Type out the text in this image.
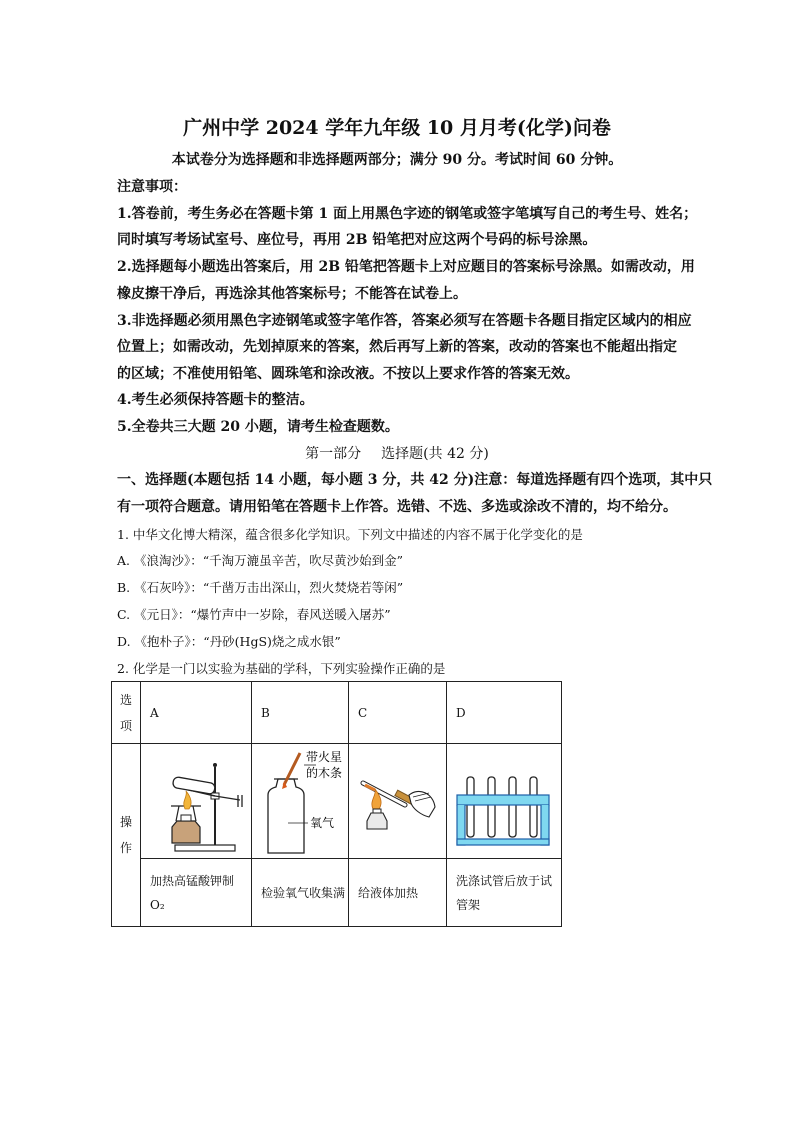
广州中学 2024 学年九年级 10 月月考(化学)问卷
本试卷分为选择题和非选择题两部分；满分 90 分。考试时间 60 分钟。
注意事项：
1.答卷前，考生务必在答题卡第 1 面上用黑色字迹的钢笔或签字笔填写自己的考生号、姓名；
同时填写考场试室号、座位号，再用 2B 铅笔把对应这两个号码的标号涂黑。
2.选择题每小题选出答案后，用 2B 铅笔把答题卡上对应题目的答案标号涂黑。如需改动，用
橡皮擦干净后，再选涂其他答案标号；不能答在试卷上。
3.非选择题必须用黑色字迹钢笔或签字笔作答，答案必须写在答题卡各题目指定区域内的相应
位置上；如需改动，先划掉原来的答案，然后再写上新的答案，改动的答案也不能超出指定
的区域；不准使用铅笔、圆珠笔和涂改液。不按以上要求作答的答案无效。
4.考生必须保持答题卡的整洁。
5.全卷共三大题 20 小题，请考生检查题数。
第一部分 选择题(共 42 分)
一、选择题(本题包括 14 小题，每小题 3 分，共 42 分)注意：每道选择题有四个选项，其中只
有一项符合题意。请用铅笔在答题卡上作答。选错、不选、多选或涂改不清的，均不给分。
1. 中华文化博大精深，蕴含很多化学知识。下列文中描述的内容不属于化学变化的是
A. 《浪淘沙》：“千淘万漉虽辛苦，吹尽黄沙始到金”
B. 《石灰吟》：“千凿万击出深山，烈火焚烧若等闲”
C. 《元日》：“爆竹声中一岁除，春风送暖入屠苏”
D. 《抱朴子》：“丹砂(HgS)烧之成水银”
2. 化学是一门以实验为基础的学科，下列实验操作正确的是
选
项	A	B	C	D
操
作		带火星
的木条
氧气

	加热高锰酸钾制
O₂	检验氧气收集满	给液体加热	洗涤试管后放于试
管架
